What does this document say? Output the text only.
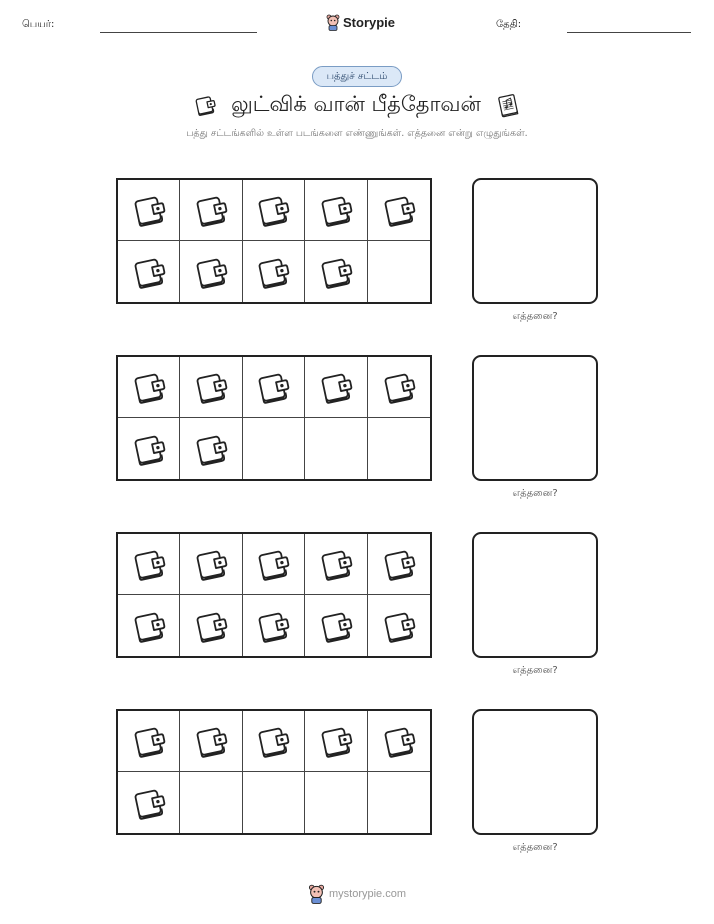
பெயர்:	Storypie	தேதி:
பத்துச் சட்டம்
லுட்விக் வான் பீத்தோவன்
பத்து சட்டங்களில் உள்ள படங்களை எண்ணுங்கள். எத்தனை என்று எழுதுங்கள்.
எத்தனை?
எத்தனை?
எத்தனை?
எத்தனை?
mystorypie.com
